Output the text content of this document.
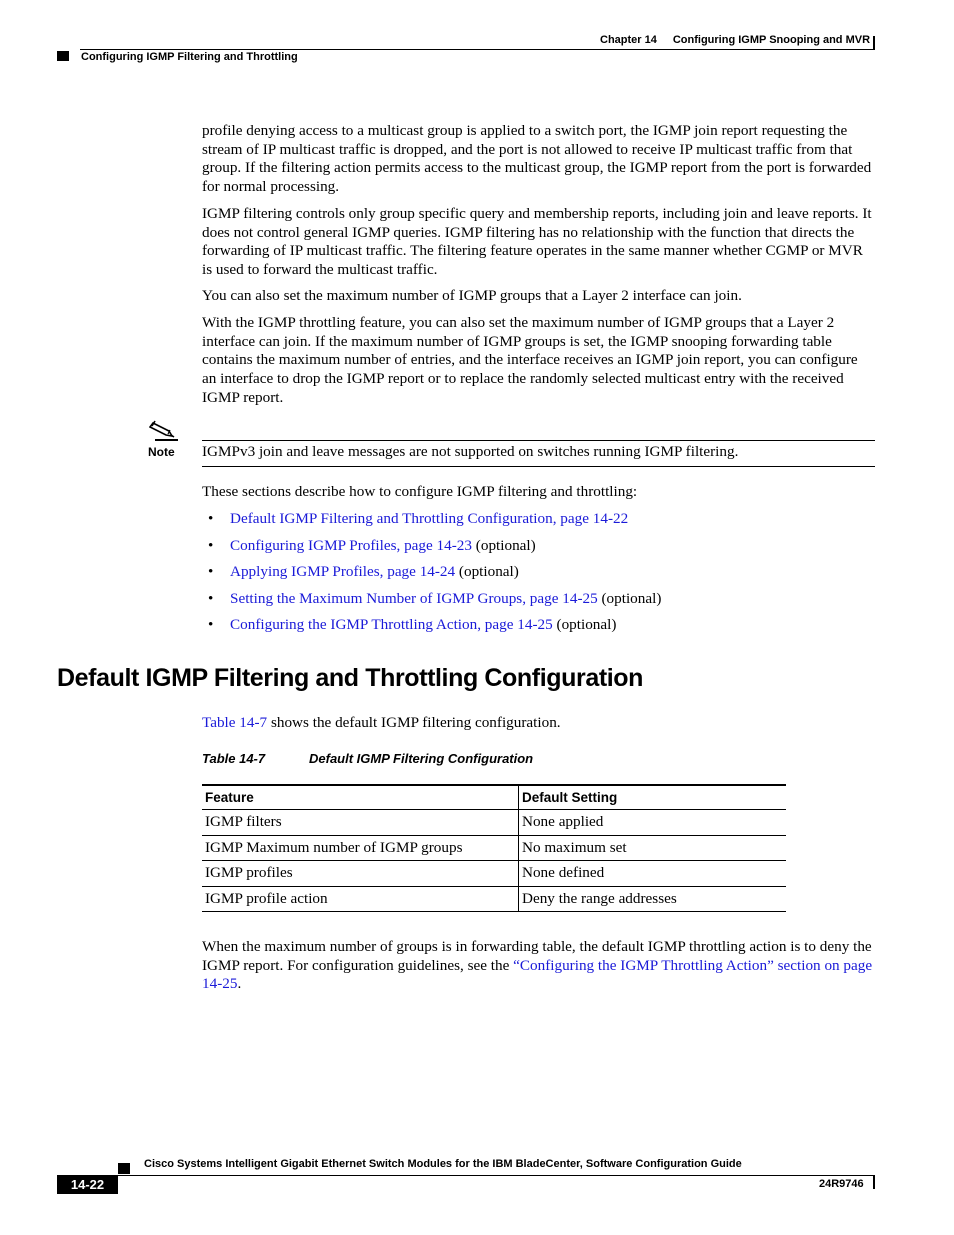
Chapter 14 Configuring IGMP Snooping and MVR
Configuring IGMP Filtering and Throttling

profile denying access to a multicast group is applied to a switch port, the IGMP join report requesting the stream of IP multicast traffic is dropped, and the port is not allowed to receive IP multicast traffic from that group. If the filtering action permits access to the multicast group, the IGMP report from the port is forwarded for normal processing.

IGMP filtering controls only group specific query and membership reports, including join and leave reports. It does not control general IGMP queries. IGMP filtering has no relationship with the function that directs the forwarding of IP multicast traffic. The filtering feature operates in the same manner whether CGMP or MVR is used to forward the multicast traffic.

You can also set the maximum number of IGMP groups that a Layer 2 interface can join.

With the IGMP throttling feature, you can also set the maximum number of IGMP groups that a Layer 2 interface can join. If the maximum number of IGMP groups is set, the IGMP snooping forwarding table contains the maximum number of entries, and the interface receives an IGMP join report, you can configure an interface to drop the IGMP report or to replace the randomly selected multicast entry with the received IGMP report.

Note IGMPv3 join and leave messages are not supported on switches running IGMP filtering.
These sections describe how to configure IGMP filtering and throttling:
• Default IGMP Filtering and Throttling Configuration, page 14-22
• Configuring IGMP Profiles, page 14-23 (optional)
• Applying IGMP Profiles, page 14-24 (optional)
• Setting the Maximum Number of IGMP Groups, page 14-25 (optional)
• Configuring the IGMP Throttling Action, page 14-25 (optional)
Default IGMP Filtering and Throttling Configuration
Table 14-7 shows the default IGMP filtering configuration.
Table 14-7	Default IGMP Filtering Configuration
Feature	Default Setting
IGMP filters	None applied
IGMP Maximum number of IGMP groups	No maximum set
IGMP profiles	None defined
IGMP profile action	Deny the range addresses
When the maximum number of groups is in forwarding table, the default IGMP throttling action is to deny the IGMP report. For configuration guidelines, see the “Configuring the IGMP Throttling Action” section on page 14-25.
Cisco Systems Intelligent Gigabit Ethernet Switch Modules for the IBM BladeCenter, Software Configuration Guide
14-22	24R9746
